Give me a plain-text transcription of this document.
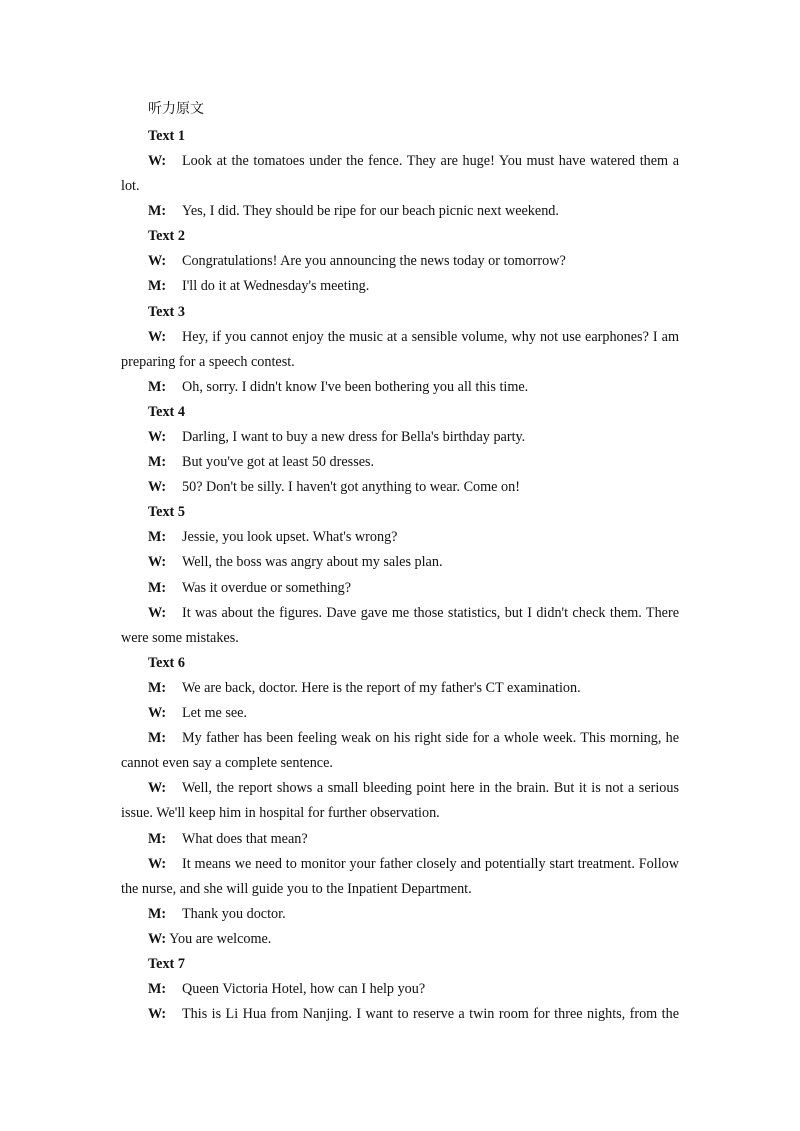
听力原文
Text 1
W: Look at the tomatoes under the fence. They are huge! You must have watered them a
lot.
M: Yes, I did. They should be ripe for our beach picnic next weekend.
Text 2
W: Congratulations! Are you announcing the news today or tomorrow?
M: I'll do it at Wednesday's meeting.
Text 3
W: Hey, if you cannot enjoy the music at a sensible volume, why not use earphones? I am
preparing for a speech contest.
M: Oh, sorry. I didn't know I've been bothering you all this time.
Text 4
W: Darling, I want to buy a new dress for Bella's birthday party.
M: But you've got at least 50 dresses.
W: 50? Don't be silly. I haven't got anything to wear. Come on!
Text 5
M: Jessie, you look upset. What's wrong?
W: Well, the boss was angry about my sales plan.
M: Was it overdue or something?
W: It was about the figures. Dave gave me those statistics, but I didn't check them. There
were some mistakes.
Text 6
M: We are back, doctor. Here is the report of my father's CT examination.
W: Let me see.
M: My father has been feeling weak on his right side for a whole week. This morning, he
cannot even say a complete sentence.
W: Well, the report shows a small bleeding point here in the brain. But it is not a serious
issue. We'll keep him in hospital for further observation.
M: What does that mean?
W: It means we need to monitor your father closely and potentially start treatment. Follow
the nurse, and she will guide you to the Inpatient Department.
M: Thank you doctor.
W: You are welcome.
Text 7
M: Queen Victoria Hotel, how can I help you?
W: This is Li Hua from Nanjing. I want to reserve a twin room for three nights, from the
